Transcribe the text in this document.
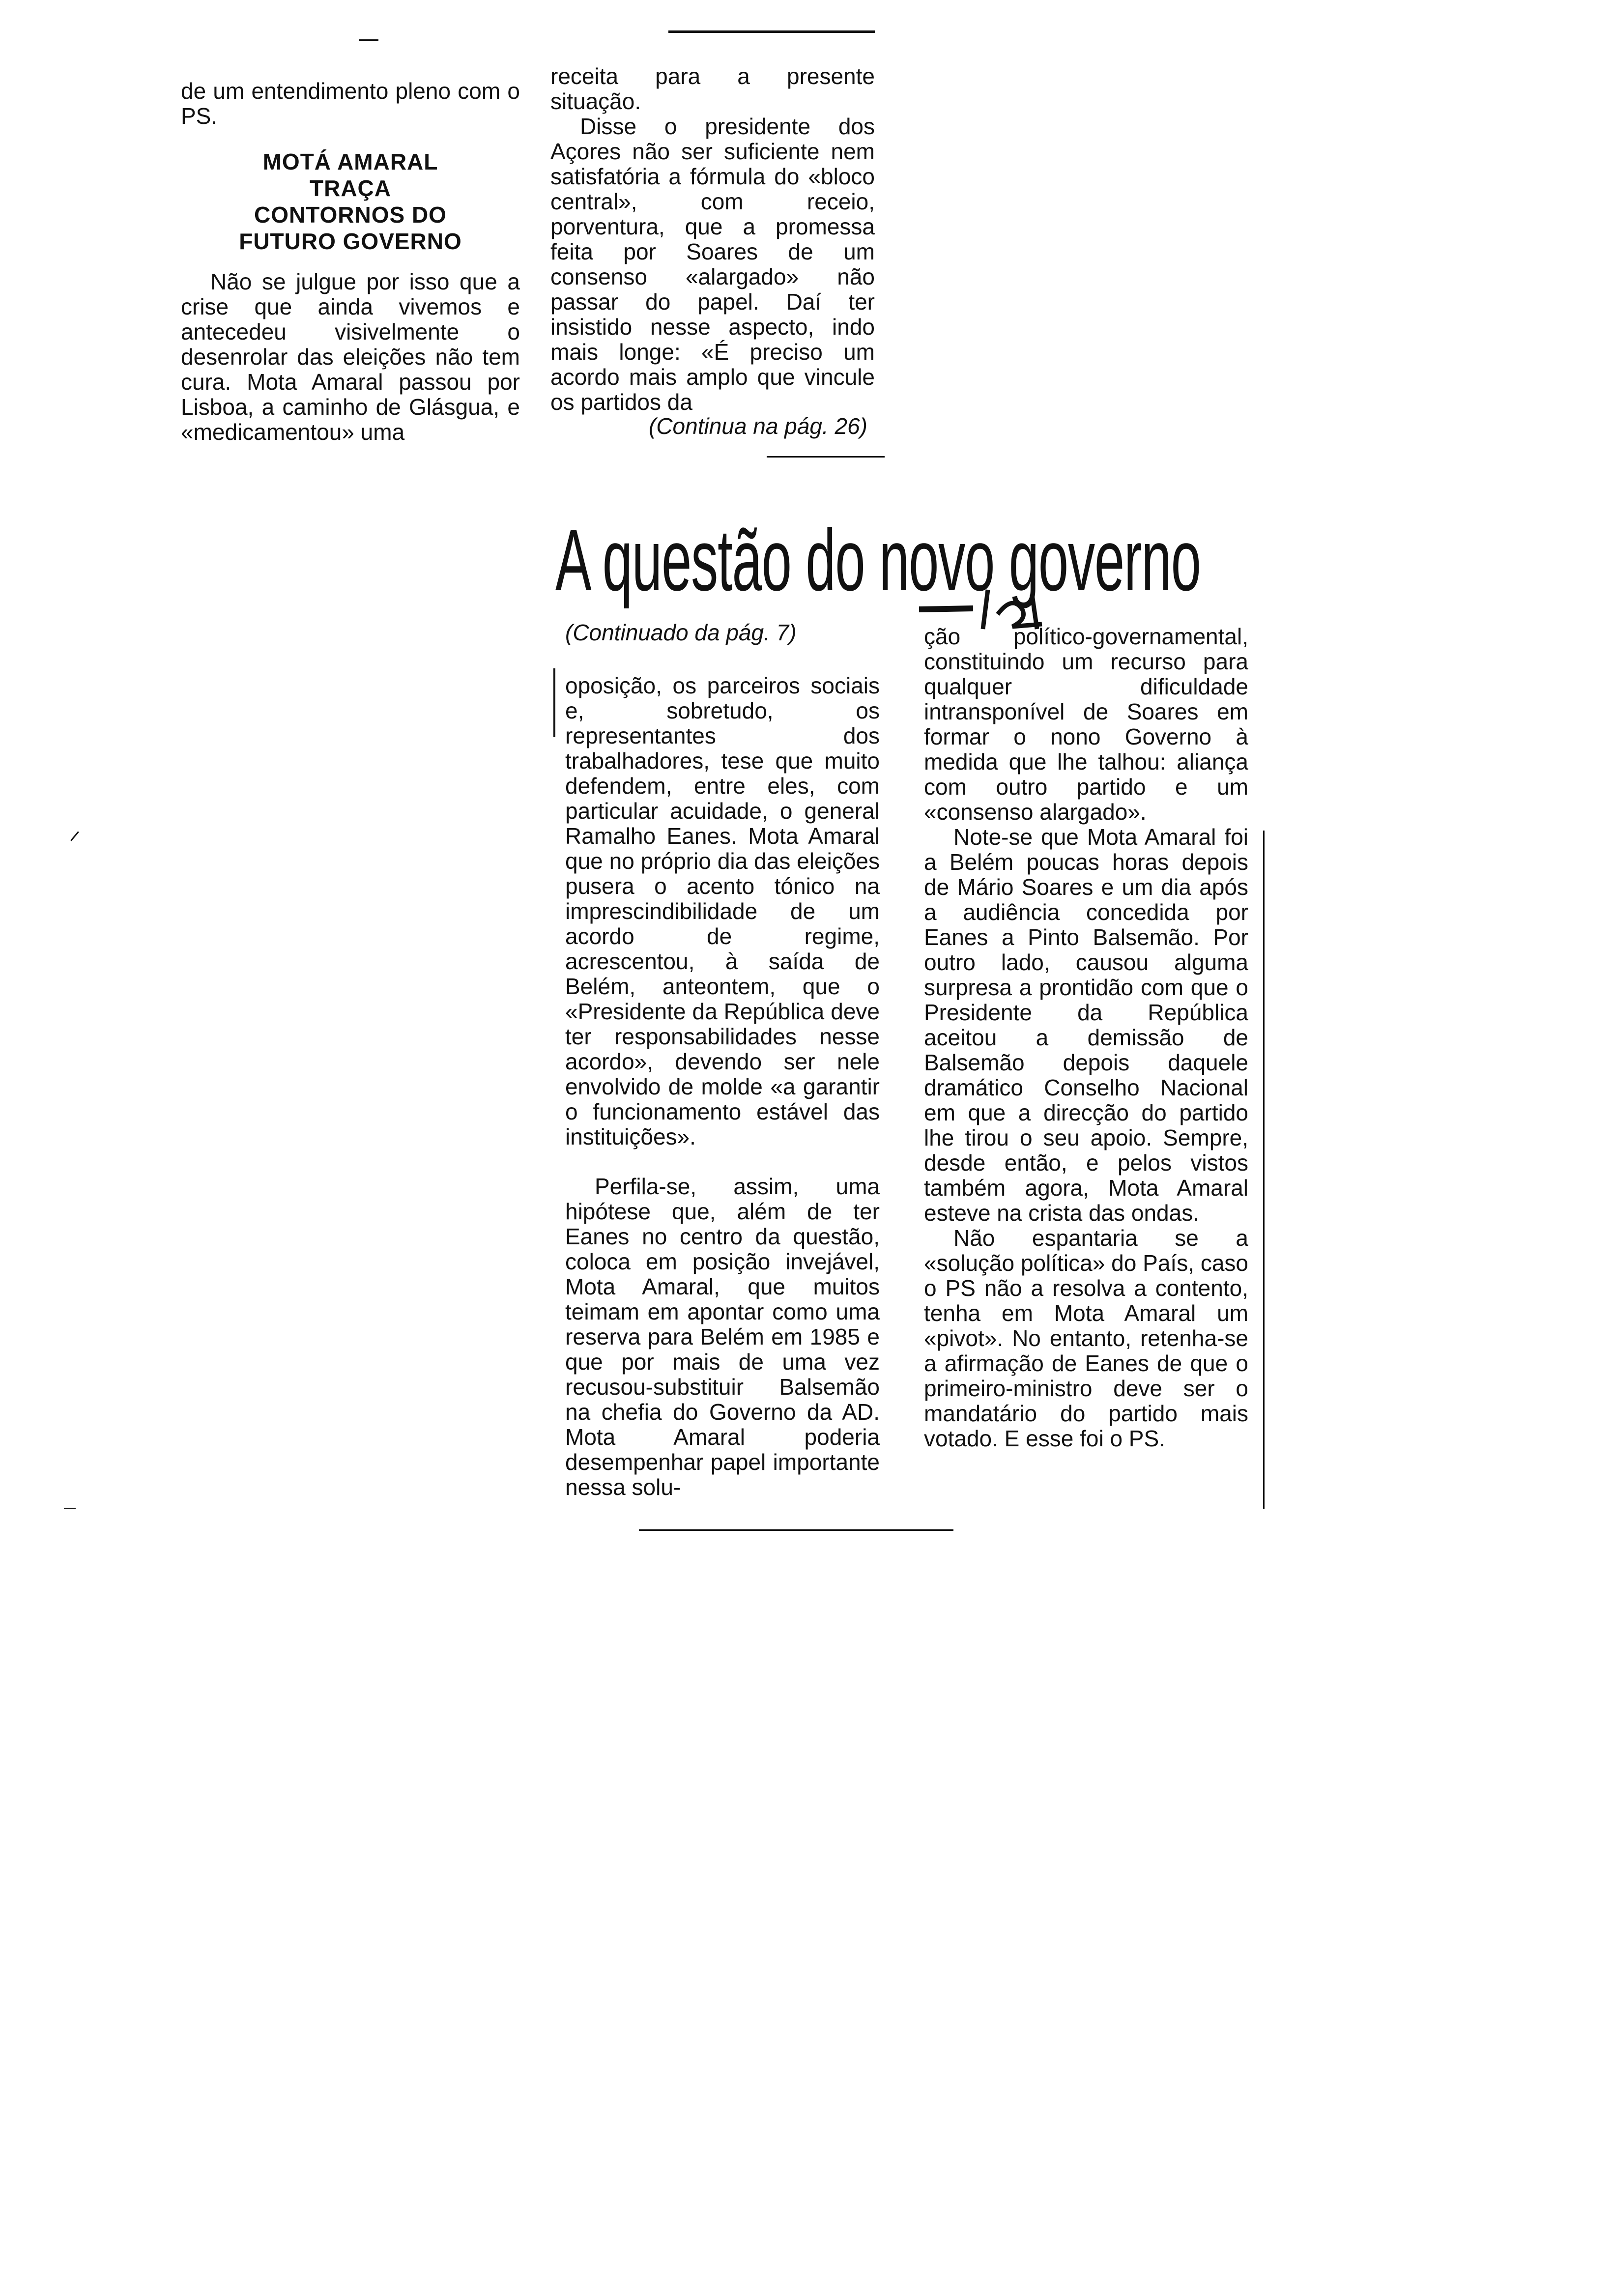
de um entendimento pleno com o PS.

MOTÁ AMARAL TRAÇA CONTORNOS DO FUTURO GOVERNO

Não se julgue por isso que a crise que ainda vivemos e antecedeu visivelmente o desenrolar das eleições não tem cura. Mota Amaral passou por Lisboa, a caminho de Glásgua, e «medicamentou» uma

receita para a presente situação.

Disse o presidente dos Açores não ser suficiente nem satisfatória a fórmula do «bloco central», com receio, porventura, que a promessa feita por Soares de um consenso «alargado» não passar do papel. Daí ter insistido nesse aspecto, indo mais longe: «É preciso um acordo mais amplo que vincule os partidos da

(Continua na pág. 26)
A questão do novo governo
(Continuado da pág. 7)

oposição, os parceiros sociais e, sobretudo, os representantes dos trabalhadores, tese que muito defendem, entre eles, com particular acuidade, o general Ramalho Eanes. Mota Amaral que no próprio dia das eleições pusera o acento tónico na imprescindibilidade de um acordo de regime, acrescentou, à saída de Belém, anteontem, que o «Presidente da República deve ter responsabilidades nesse acordo», devendo ser nele envolvido de molde «a garantir o funcionamento estável das instituições».

Perfila-se, assim, uma hipótese que, além de ter Eanes no centro da questão, coloca em posição invejável, Mota Amaral, que muitos teimam em apontar como uma reserva para Belém em 1985 e que por mais de uma vez recusou-substituir Balsemão na chefia do Governo da AD. Mota Amaral poderia desempenhar papel importante nessa solu-

ção político-governamental, constituindo um recurso para qualquer dificuldade intransponível de Soares em formar o nono Governo à medida que lhe talhou: aliança com outro partido e um «consenso alargado».

Note-se que Mota Amaral foi a Belém poucas horas depois de Mário Soares e um dia após a audiência concedida por Eanes a Pinto Balsemão. Por outro lado, causou alguma surpresa a prontidão com que o Presidente da República aceitou a demissão de Balsemão depois daquele dramático Conselho Nacional em que a direcção do partido lhe tirou o seu apoio. Sempre, desde então, e pelos vistos também agora, Mota Amaral esteve na crista das ondas.

Não espantaria se a «solução política» do País, caso o PS não a resolva a contento, tenha em Mota Amaral um «pivot». No entanto, retenha-se a afirmação de Eanes de que o primeiro-ministro deve ser o mandatário do partido mais votado. E esse foi o PS.
